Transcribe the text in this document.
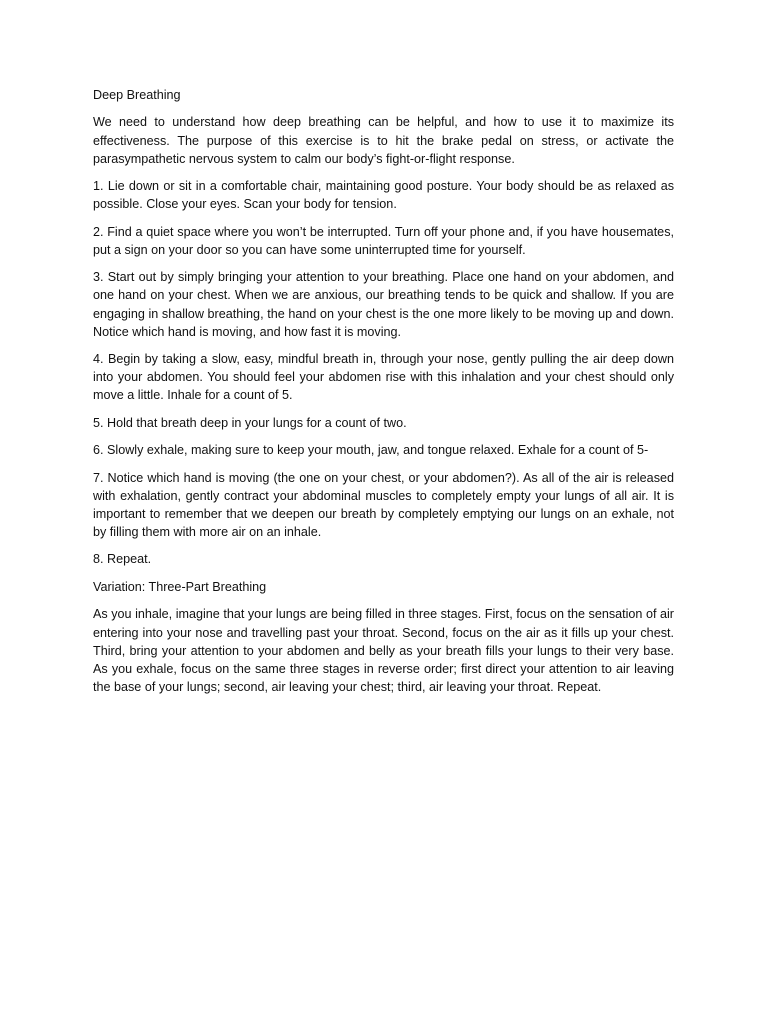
Deep Breathing

We need to understand how deep breathing can be helpful, and how to use it to maximize its effectiveness. The purpose of this exercise is to hit the brake pedal on stress, or activate the parasympathetic nervous system to calm our body’s fight-or-flight response.

1. Lie down or sit in a comfortable chair, maintaining good posture. Your body should be as relaxed as possible. Close your eyes. Scan your body for tension.

2. Find a quiet space where you won’t be interrupted. Turn off your phone and, if you have housemates, put a sign on your door so you can have some uninterrupted time for yourself.

3. Start out by simply bringing your attention to your breathing. Place one hand on your abdomen, and one hand on your chest. When we are anxious, our breathing tends to be quick and shallow. If you are engaging in shallow breathing, the hand on your chest is the one more likely to be moving up and down. Notice which hand is moving, and how fast it is moving.

4. Begin by taking a slow, easy, mindful breath in, through your nose, gently pulling the air deep down into your abdomen. You should feel your abdomen rise with this inhalation and your chest should only move a little. Inhale for a count of 5.

5. Hold that breath deep in your lungs for a count of two.

6. Slowly exhale, making sure to keep your mouth, jaw, and tongue relaxed. Exhale for a count of 5-

7. Notice which hand is moving (the one on your chest, or your abdomen?). As all of the air is released with exhalation, gently contract your abdominal muscles to completely empty your lungs of all air. It is important to remember that we deepen our breath by completely emptying our lungs on an exhale, not by filling them with more air on an inhale.

8. Repeat.

Variation: Three-Part Breathing

As you inhale, imagine that your lungs are being filled in three stages. First, focus on the sensation of air entering into your nose and travelling past your throat. Second, focus on the air as it fills up your chest. Third, bring your attention to your abdomen and belly as your breath fills your lungs to their very base. As you exhale, focus on the same three stages in reverse order; first direct your attention to air leaving the base of your lungs; second, air leaving your chest; third, air leaving your throat. Repeat.
